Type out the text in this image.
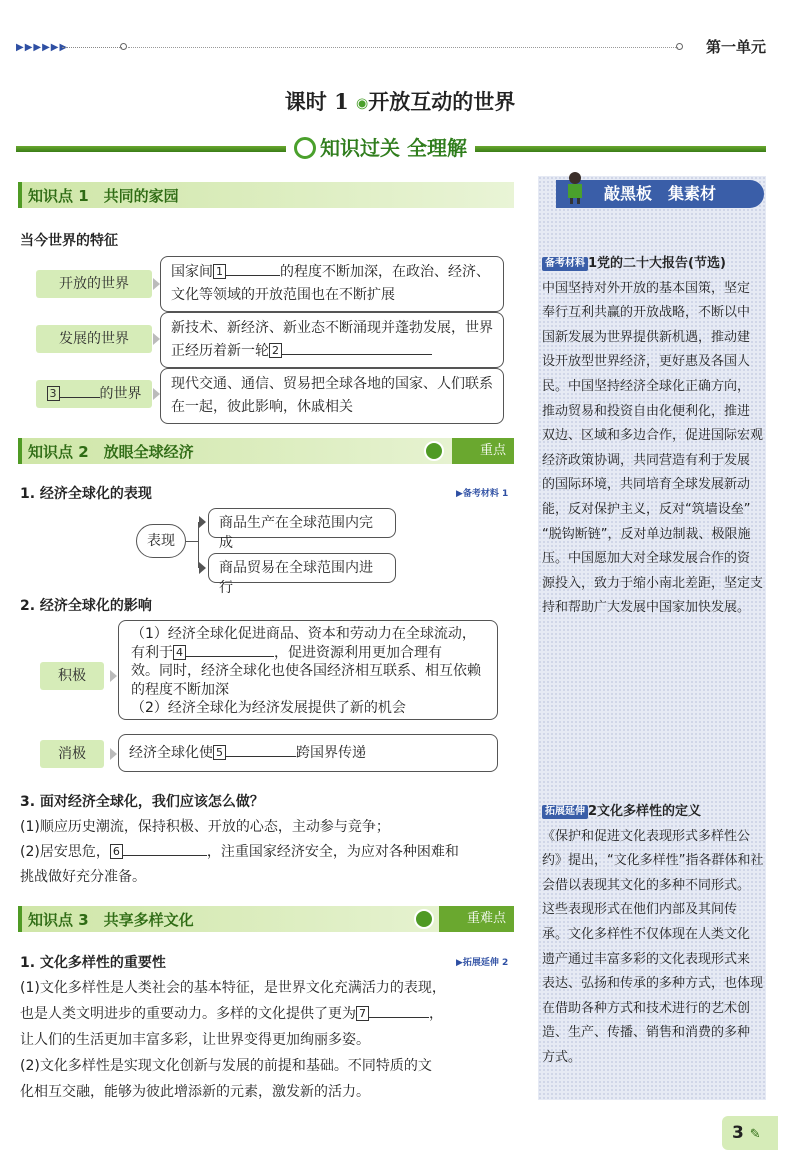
▶▶▶▶▶▶	第一单元
课时 1 ◉开放互动的世界
知识过关 全理解
知识点 1　共同的家园
当今世界的特征
开放的世界
国家间 1	的程度不断加深，在政治、经济、文化等领域的开放范围也在不断扩展
发展的世界
新技术、新经济、新业态不断涌现并蓬勃发展，世界正经历着新一轮 2
3	的世界
现代交通、通信、贸易把全球各地的国家、人们联系在一起，彼此影响，休戚相关
知识点 2　放眼全球经济	重点
1. 经济全球化的表现	▶备考材料 1
表现
商品生产在全球范围内完成
商品贸易在全球范围内进行
2. 经济全球化的影响
积极
（1）经济全球化促进商品、资本和劳动力在全球流动，
有利于 4	，促进资源利用更加合理有
效。同时，经济全球化也使各国经济相互联系、相互依赖
的程度不断加深
（2）经济全球化为经济发展提供了新的机会
消极	经济全球化使 5	跨国界传递
3. 面对经济全球化，我们应该怎么做？
(1)顺应历史潮流，保持积极、开放的心态，主动参与竞争；
(2)居安思危， 6	，注重国家经济安全，为应对各种困难和
挑战做好充分准备。
知识点 3　共享多样文化	重难点
1. 文化多样性的重要性	▶拓展延伸 2
(1)文化多样性是人类社会的基本特征，是世界文化充满活力的表现，
也是人类文明进步的重要动力。多样的文化提供了更为 7	，
让人们的生活更加丰富多彩，让世界变得更加绚丽多姿。
(2)文化多样性是实现文化创新与发展的前提和基础。不同特质的文
化相互交融，能够为彼此增添新的元素，激发新的活力。
敲黑板　集素材
备考材料 1党的二十大报告(节选)
中国坚持对外开放的基本国策，坚定
奉行互利共赢的开放战略，不断以中
国新发展为世界提供新机遇，推动建
设开放型世界经济，更好惠及各国人
民。中国坚持经济全球化正确方向，
推动贸易和投资自由化便利化，推进
双边、区域和多边合作，促进国际宏观
经济政策协调，共同营造有利于发展
的国际环境，共同培育全球发展新动
能，反对保护主义，反对“筑墙设垒”
“脱钩断链”，反对单边制裁、极限施
压。中国愿加大对全球发展合作的资
源投入，致力于缩小南北差距，坚定支
持和帮助广大发展中国家加快发展。
拓展延伸 2文化多样性的定义
《保护和促进文化表现形式多样性公
约》提出，“文化多样性”指各群体和社
会借以表现其文化的多种不同形式。
这些表现形式在他们内部及其间传
承。文化多样性不仅体现在人类文化
遗产通过丰富多彩的文化表现形式来
表达、弘扬和传承的多种方式，也体现
在借助各种方式和技术进行的艺术创
造、生产、传播、销售和消费的多种
方式。
3 ✎
